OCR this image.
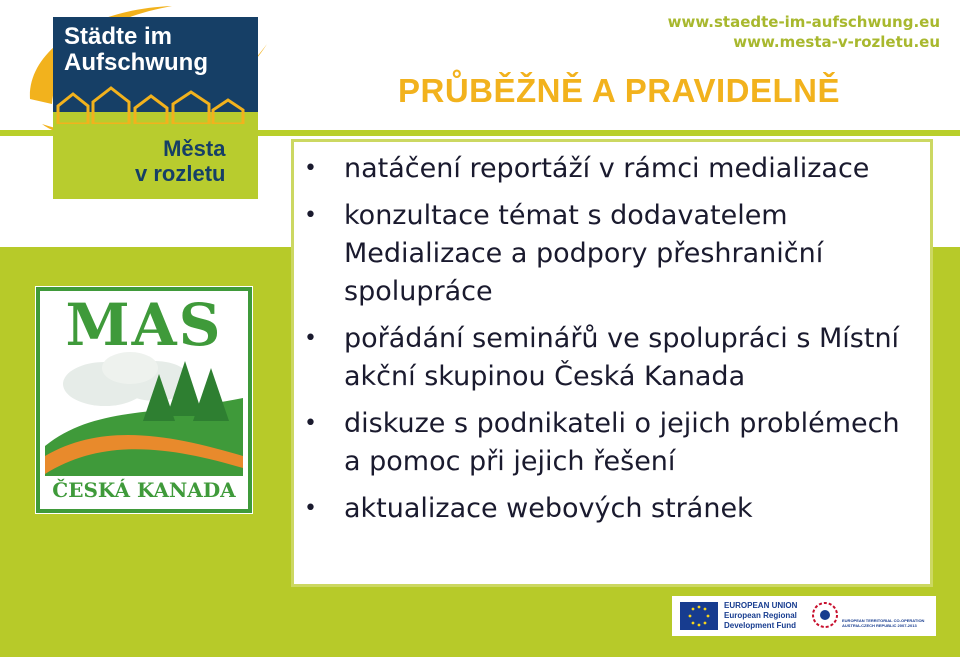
Städte im
Aufschwung
Města
v rozletu
www.staedte-im-aufschwung.eu
www.mesta-v-rozletu.eu
PRŮBĚŽNĚ A PRAVIDELNĚ
MAS
ČESKÁ KANADA
• natáčení reportáží v rámci medializace
• konzultace témat s dodavatelem Medializace a podpory přeshraniční spolupráce
• pořádání seminářů ve spolupráci s Místní akční skupinou Česká Kanada
• diskuze s podnikateli o jejich problémech a pomoc při jejich řešení
• aktualizace webových stránek
EUROPEAN UNION
European Regional
Development Fund
EUROPEAN TERRITORIAL CO-OPERATION
AUSTRIA-CZECH REPUBLIC 2007-2013
